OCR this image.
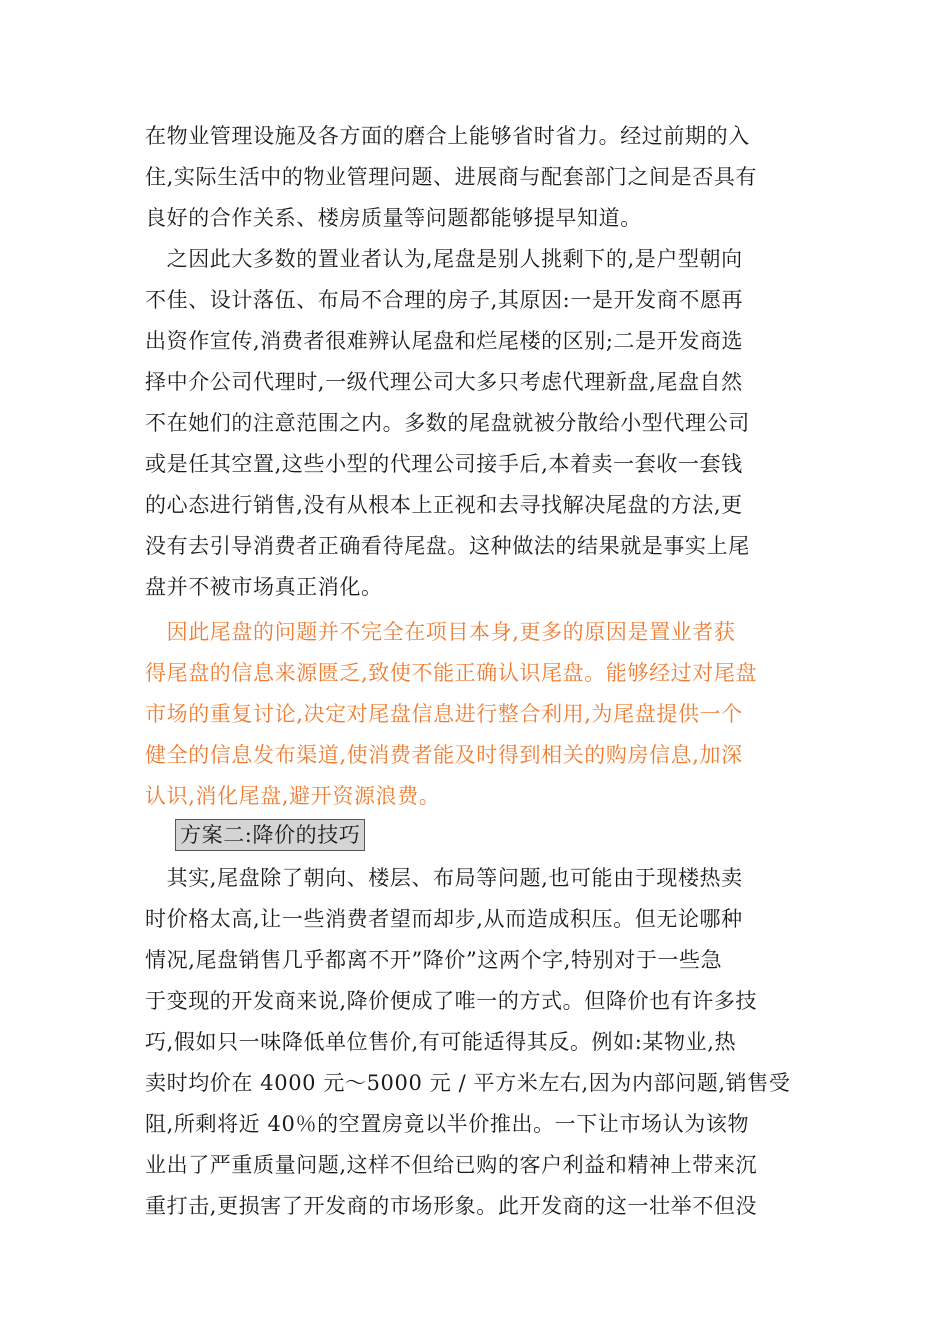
在物业管理设施及各方面的磨合上能够省时省力。经过前期的入
住,实际生活中的物业管理问题、进展商与配套部门之间是否具有
良好的合作关系、楼房质量等问题都能够提早知道。
　之因此大多数的置业者认为,尾盘是别人挑剩下的,是户型朝向
不佳、设计落伍、布局不合理的房子,其原因:一是开发商不愿再
出资作宣传,消费者很难辨认尾盘和烂尾楼的区别;二是开发商选
择中介公司代理时,一级代理公司大多只考虑代理新盘,尾盘自然
不在她们的注意范围之内。多数的尾盘就被分散给小型代理公司
或是任其空置,这些小型的代理公司接手后,本着卖一套收一套钱
的心态进行销售,没有从根本上正视和去寻找解决尾盘的方法,更
没有去引导消费者正确看待尾盘。这种做法的结果就是事实上尾
盘并不被市场真正消化。
　因此尾盘的问题并不完全在项目本身,更多的原因是置业者获
得尾盘的信息来源匮乏,致使不能正确认识尾盘。能够经过对尾盘
市场的重复讨论,决定对尾盘信息进行整合利用,为尾盘提供一个
健全的信息发布渠道,使消费者能及时得到相关的购房信息,加深
认识,消化尾盘,避开资源浪费。
方案二:降价的技巧
　其实,尾盘除了朝向、楼层、布局等问题,也可能由于现楼热卖
时价格太高,让一些消费者望而却步,从而造成积压。但无论哪种
情况,尾盘销售几乎都离不开”降价”这两个字,特别对于一些急
于变现的开发商来说,降价便成了唯一的方式。但降价也有许多技
巧,假如只一味降低单位售价,有可能适得其反。例如:某物业,热
卖时均价在 4000 元～5000 元 / 平方米左右,因为内部问题,销售受
阻,所剩将近 40％的空置房竟以半价推出。一下让市场认为该物
业出了严重质量问题,这样不但给已购的客户利益和精神上带来沉
重打击,更损害了开发商的市场形象。此开发商的这一壮举不但没
